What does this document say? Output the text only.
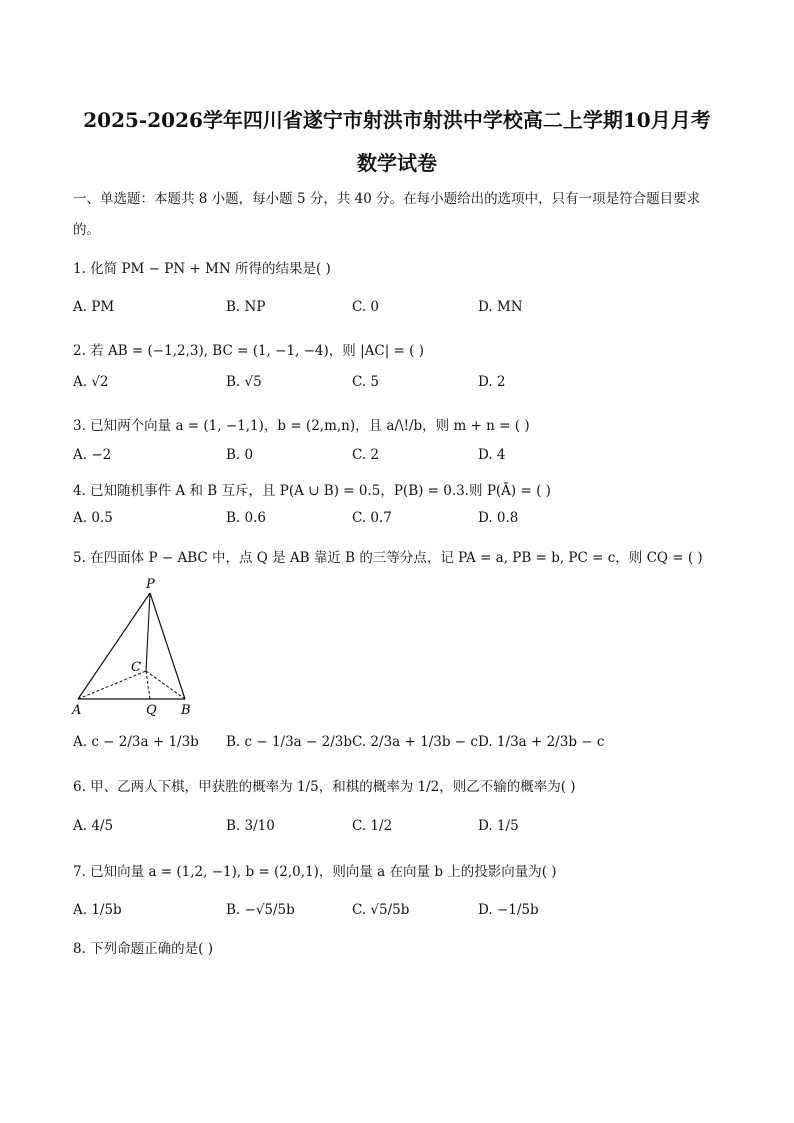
2025-2026学年四川省遂宁市射洪市射洪中学校高二上学期10月月考
数学试卷
一、单选题：本题共 8 小题，每小题 5 分，共 40 分。在每小题给出的选项中，只有一项是符合题目要求
的。
1. 化简 PM − PN + MN 所得的结果是( )
A. PM	B. NP	C. 0	D. MN
2. 若 AB = (−1,2,3), BC = (1, −1, −4)，则 |AC| = ( )
A. √2	B. √5	C. 5	D. 2
3. 已知两个向量 a = (1, −1,1)，b = (2,m,n)，且 a/\!/b，则 m + n = ( )
A. −2	B. 0	C. 2	D. 4
4. 已知随机事件 A 和 B 互斥，且 P(A ∪ B) = 0.5，P(B) = 0.3.则 P(Ā) = ( )
A. 0.5	B. 0.6	C. 0.7	D. 0.8
5. 在四面体 P − ABC 中，点 Q 是 AB 靠近 B 的三等分点，记 PA = a, PB = b, PC = c，则 CQ = ( )
P
C
A	Q B
A. c − 2/3a + 1/3b B. c − 1/3a − 2/3b C. 2/3a + 1/3b − c D. 1/3a + 2/3b − c
6. 甲、乙两人下棋，甲获胜的概率为 1/5，和棋的概率为 1/2，则乙不输的概率为( )
A. 4/5	B. 3/10	C. 1/2	D. 1/5
7. 已知向量 a = (1,2, −1), b = (2,0,1)，则向量 a 在向量 b 上的投影向量为( )
A. 1/5b	B. −√5/5b	C. √5/5b	D. −1/5b
8. 下列命题正确的是( )
